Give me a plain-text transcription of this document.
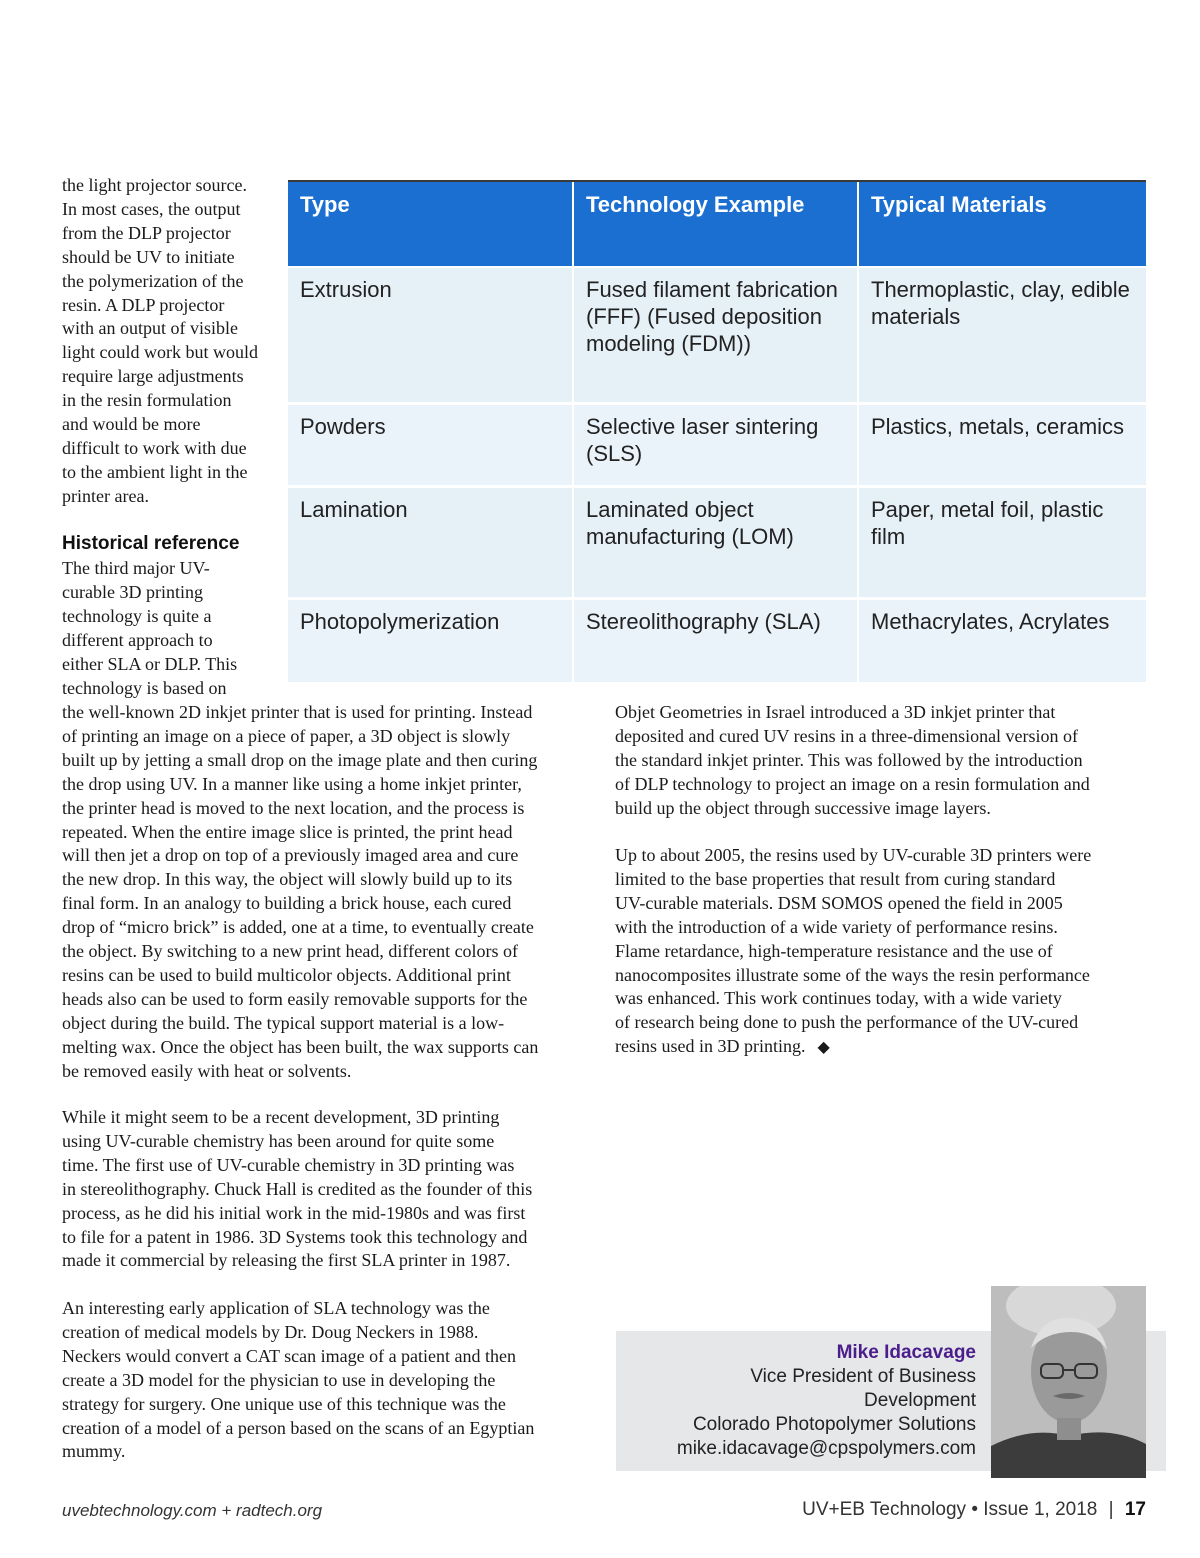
the light projector source.
In most cases, the output
from the DLP projector
should be UV to initiate
the polymerization of the
resin. A DLP projector
with an output of visible
light could work but would
require large adjustments
in the resin formulation
and would be more
difficult to work with due
to the ambient light in the
printer area.
Historical reference
The third major UV-
curable 3D printing
technology is quite a
different approach to
either SLA or DLP. This
technology is based on
Type	Technology Example	Typical Materials
Extrusion	Fused filament fabrication (FFF) (Fused deposition modeling (FDM))	Thermoplastic, clay, edible materials
Powders	Selective laser sintering (SLS)	Plastics, metals, ceramics
Lamination	Laminated object manufacturing (LOM)	Paper, metal foil, plastic film
Photopolymerization	Stereolithography (SLA)	Methacrylates, Acrylates
the well-known 2D inkjet printer that is used for printing. Instead
of printing an image on a piece of paper, a 3D object is slowly
built up by jetting a small drop on the image plate and then curing
the drop using UV. In a manner like using a home inkjet printer,
the printer head is moved to the next location, and the process is
repeated. When the entire image slice is printed, the print head
will then jet a drop on top of a previously imaged area and cure
the new drop. In this way, the object will slowly build up to its
final form. In an analogy to building a brick house, each cured
drop of “micro brick” is added, one at a time, to eventually create
the object. By switching to a new print head, different colors of
resins can be used to build multicolor objects. Additional print
heads also can be used to form easily removable supports for the
object during the build. The typical support material is a low-
melting wax. Once the object has been built, the wax supports can
be removed easily with heat or solvents.
While it might seem to be a recent development, 3D printing
using UV-curable chemistry has been around for quite some
time. The first use of UV-curable chemistry in 3D printing was
in stereolithography. Chuck Hall is credited as the founder of this
process, as he did his initial work in the mid-1980s and was first
to file for a patent in 1986. 3D Systems took this technology and
made it commercial by releasing the first SLA printer in 1987.
An interesting early application of SLA technology was the
creation of medical models by Dr. Doug Neckers in 1988.
Neckers would convert a CAT scan image of a patient and then
create a 3D model for the physician to use in developing the
strategy for surgery. One unique use of this technique was the
creation of a model of a person based on the scans of an Egyptian
mummy.
Objet Geometries in Israel introduced a 3D inkjet printer that
deposited and cured UV resins in a three-dimensional version of
the standard inkjet printer. This was followed by the introduction
of DLP technology to project an image on a resin formulation and
build up the object through successive image layers.
Up to about 2005, the resins used by UV-curable 3D printers were
limited to the base properties that result from curing standard
UV-curable materials. DSM SOMOS opened the field in 2005
with the introduction of a wide variety of performance resins.
Flame retardance, high-temperature resistance and the use of
nanocomposites illustrate some of the ways the resin performance
was enhanced. This work continues today, with a wide variety
of research being done to push the performance of the UV-cured
resins used in 3D printing. ◆
Mike Idacavage
Vice President of Business
Development
Colorado Photopolymer Solutions
mike.idacavage@cpspolymers.com
uvebtechnology.com + radtech.org	UV+EB Technology • Issue 1, 2018 | 17
